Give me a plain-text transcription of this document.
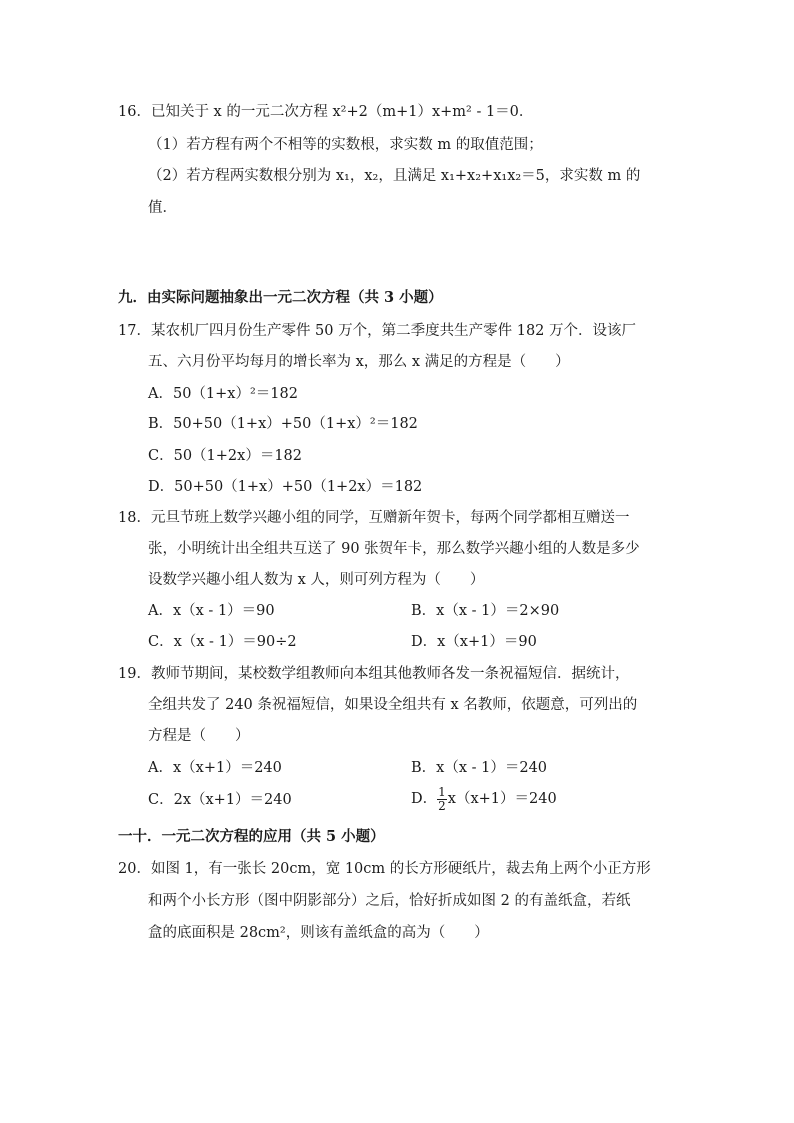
16．已知关于 x 的一元二次方程 x²+2（m+1）x+m² - 1＝0．
（1）若方程有两个不相等的实数根，求实数 m 的取值范围；
（2）若方程两实数根分别为 x₁，x₂，且满足 x₁+x₂+x₁x₂＝5，求实数 m 的
值．
九．由实际问题抽象出一元二次方程（共 3 小题）
17．某农机厂四月份生产零件 50 万个，第二季度共生产零件 182 万个．设该厂
五、六月份平均每月的增长率为 x，那么 x 满足的方程是（　　）
A．50（1+x）²＝182
B．50+50（1+x）+50（1+x）²＝182
C．50（1+2x）＝182
D．50+50（1+x）+50（1+2x）＝182
18．元旦节班上数学兴趣小组的同学，互赠新年贺卡，每两个同学都相互赠送一
张，小明统计出全组共互送了 90 张贺年卡，那么数学兴趣小组的人数是多少
设数学兴趣小组人数为 x 人，则可列方程为（　　）
A．x（x - 1）＝90	B．x（x - 1）＝2×90
C．x（x - 1）＝90÷2	D．x（x+1）＝90
19．教师节期间，某校数学组教师向本组其他教师各发一条祝福短信．据统计，
全组共发了 240 条祝福短信，如果设全组共有 x 名教师，依题意，可列出的
方程是（　　）
A．x（x+1）＝240	B．x（x - 1）＝240
C．2x（x+1）＝240	D． $\frac{1}{2} x(x+1)=240$
一十．一元二次方程的应用（共 5 小题）
20．如图 1，有一张长 20cm，宽 10cm 的长方形硬纸片，裁去角上两个小正方形
和两个小长方形（图中阴影部分）之后，恰好折成如图 2 的有盖纸盒，若纸
盒的底面积是 28cm²，则该有盖纸盒的高为（　　）
